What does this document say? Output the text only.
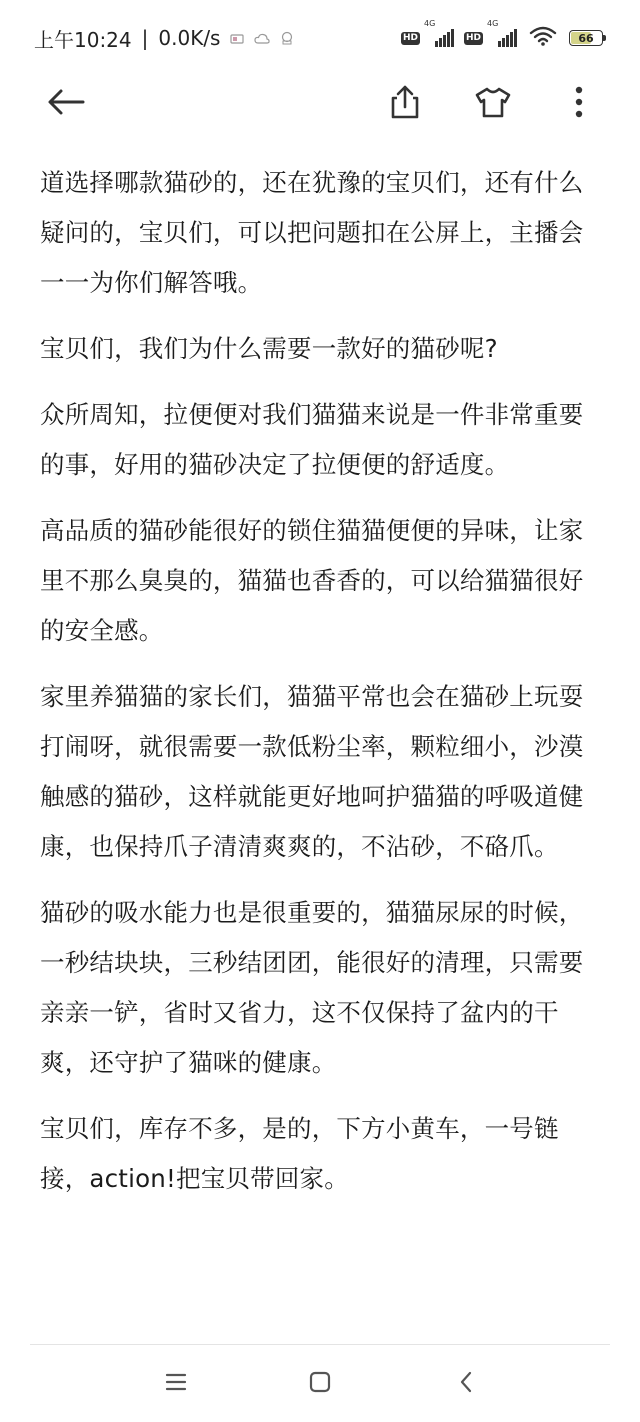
上午10:24 | 0.0K/s	HD
4G
HD
4G
66

道选择哪款猫砂的，还在犹豫的宝贝们，还有什么疑问的，宝贝们，可以把问题扣在公屏上，主播会一一为你们解答哦。

宝贝们，我们为什么需要一款好的猫砂呢?

众所周知，拉便便对我们猫猫来说是一件非常重要的事，好用的猫砂决定了拉便便的舒适度。

高品质的猫砂能很好的锁住猫猫便便的异味，让家里不那么臭臭的，猫猫也香香的，可以给猫猫很好的安全感。

家里养猫猫的家长们，猫猫平常也会在猫砂上玩耍打闹呀，就很需要一款低粉尘率，颗粒细小，沙漠触感的猫砂，这样就能更好地呵护猫猫的呼吸道健康，也保持爪子清清爽爽的，不沾砂，不硌爪。

猫砂的吸水能力也是很重要的，猫猫尿尿的时候，一秒结块块，三秒结团团，能很好的清理，只需要亲亲一铲，省时又省力，这不仅保持了盆内的干爽，还守护了猫咪的健康。

宝贝们，库存不多，是的，下方小黄车，一号链接，action!把宝贝带回家。
